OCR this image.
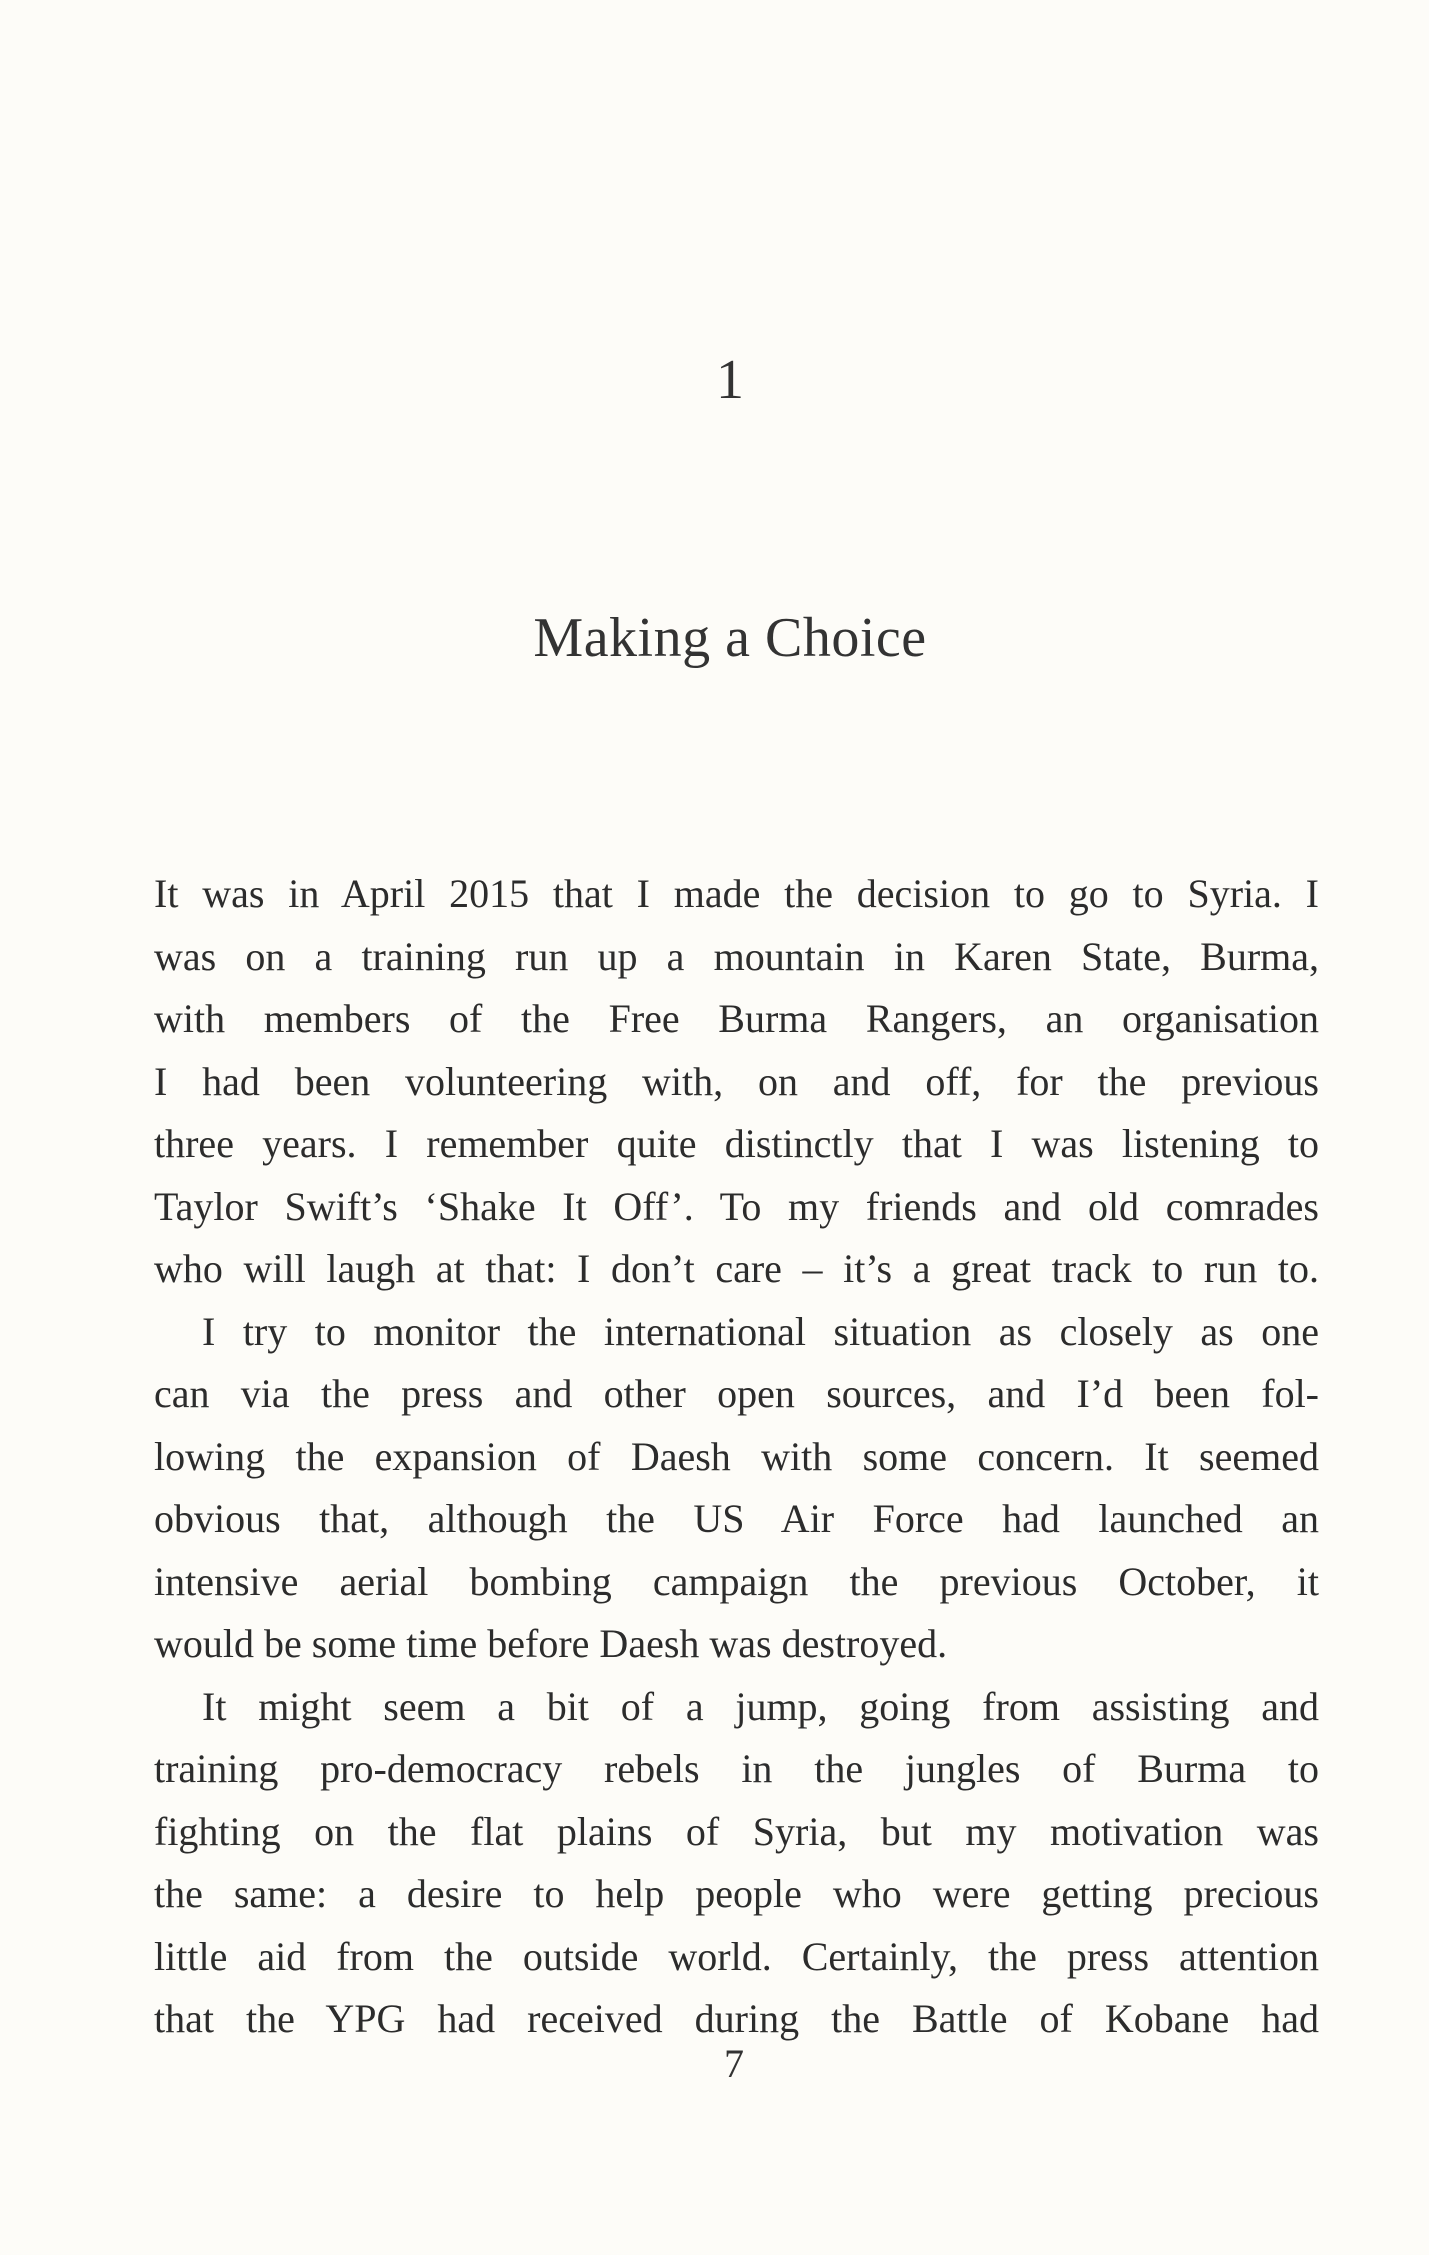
1
Making a Choice
It was in April 2015 that I made the decision to go to Syria. I
was on a training run up a mountain in Karen State, Burma,
with members of the Free Burma Rangers, an organisation
I had been volunteering with, on and off, for the previous
three years. I remember quite distinctly that I was listening to
Taylor Swift’s ‘Shake It Off’. To my friends and old comrades
who will laugh at that: I don’t care – it’s a great track to run to.
I try to monitor the international situation as closely as one
can via the press and other open sources, and I’d been fol-
lowing the expansion of Daesh with some concern. It seemed
obvious that, although the US Air Force had launched an
intensive aerial bombing campaign the previous October, it
would be some time before Daesh was destroyed.
It might seem a bit of a jump, going from assisting and
training pro-democracy rebels in the jungles of Burma to
fighting on the flat plains of Syria, but my motivation was
the same: a desire to help people who were getting precious
little aid from the outside world. Certainly, the press attention
that the YPG had received during the Battle of Kobane had
7
